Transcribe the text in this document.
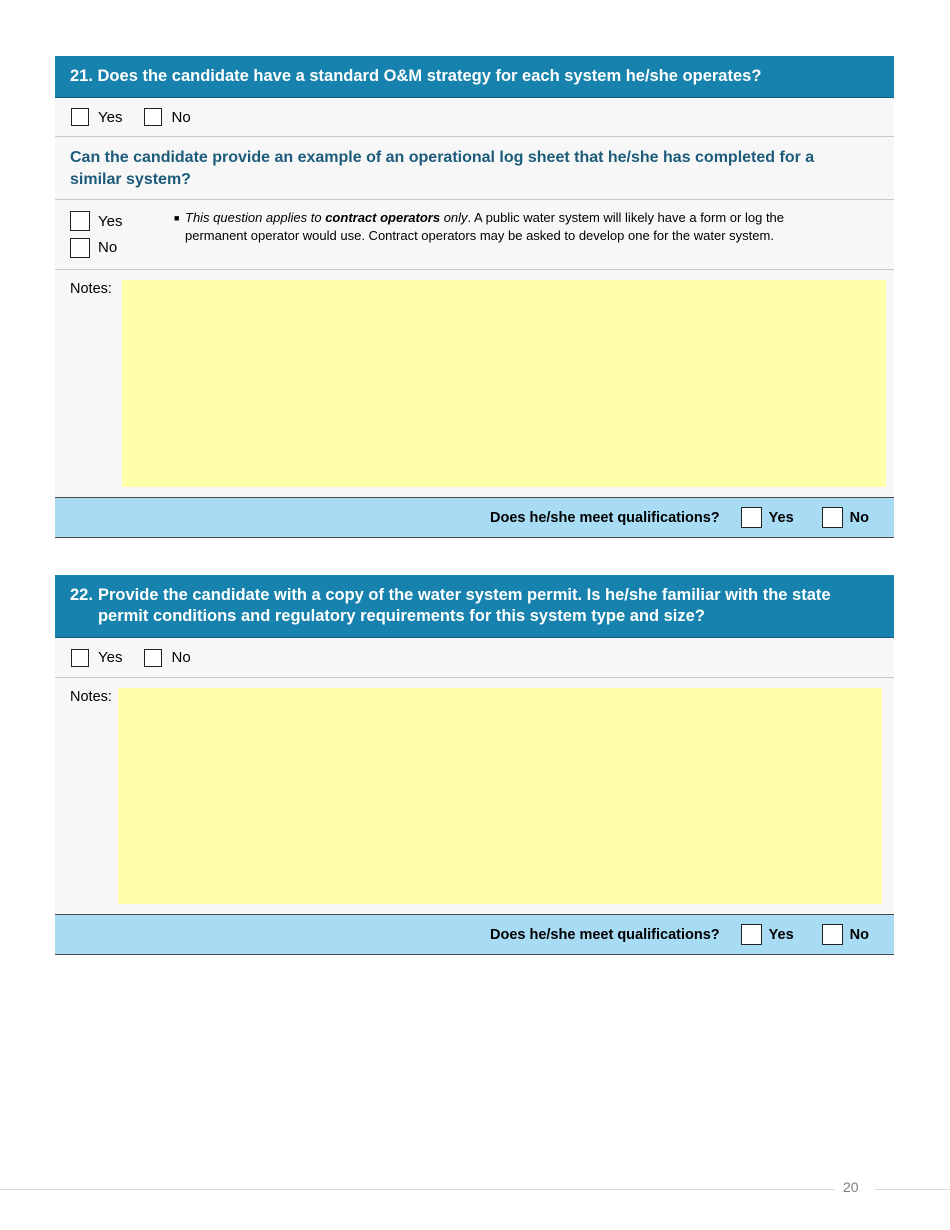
21. Does the candidate have a standard O&M strategy for each system he/she operates?
Yes	No
Can the candidate provide an example of an operational log sheet that he/she has completed for a similar system?
Yes
No
■ This question applies to contract operators only. A public water system will likely have a form or log the
permanent operator would use. Contract operators may be asked to develop one for the water system.
Notes:
Does he/she meet qualifications?	Yes	No
22. Provide the candidate with a copy of the water system permit. Is he/she familiar with the state
permit conditions and regulatory requirements for this system type and size?
Yes	No
Notes:
Does he/she meet qualifications?	Yes	No
20
